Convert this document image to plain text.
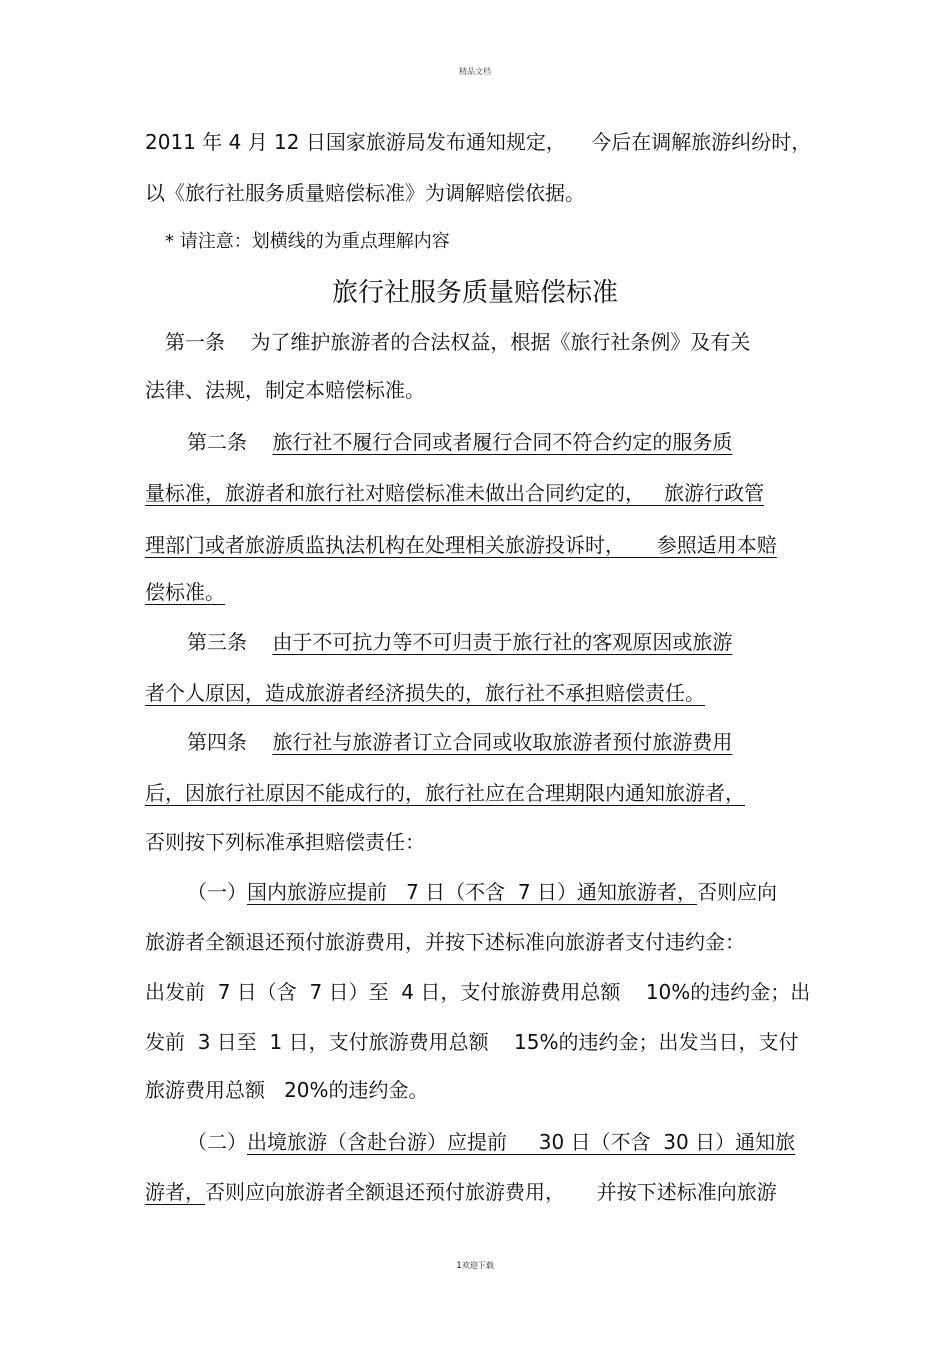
精品文档
2011 年 4 月 12 日国家旅游局发布通知规定，    今后在调解旅游纠纷时，
以《旅行社服务质量赔偿标准》为调解赔偿依据。
* 请注意：划横线的为重点理解内容
旅行社服务质量赔偿标准
第一条 为了维护旅游者的合法权益，根据《旅行社条例》及有关
法律、法规，制定本赔偿标准。
第二条 旅行社不履行合同或者履行合同不符合约定的服务质
量标准，旅游者和旅行社对赔偿标准未做出合同约定的，   旅游行政管
理部门或者旅游质监执法机构在处理相关旅游投诉时，     参照适用本赔
偿标准。
第三条 由于不可抗力等不可归责于旅行社的客观原因或旅游
者个人原因，造成旅游者经济损失的，旅行社不承担赔偿责任。
第四条 旅行社与旅游者订立合同或收取旅游者预付旅游费用
后，因旅行社原因不能成行的，旅行社应在合理期限内通知旅游者，
否则按下列标准承担赔偿责任：
（一）国内旅游应提前   7 日（不含  7 日）通知旅游者，否则应向
旅游者全额退还预付旅游费用，并按下述标准向旅游者支付违约金：
出发前  7 日（含  7 日）至  4 日，支付旅游费用总额    10%的违约金；出
发前  3 日至  1 日，支付旅游费用总额    15%的违约金；出发当日，支付
旅游费用总额   20%的违约金。
（二）出境旅游（含赴台游）应提前     30 日（不含  30 日）通知旅
游者，否则应向旅游者全额退还预付旅游费用，     并按下述标准向旅游
1欢迎下载
